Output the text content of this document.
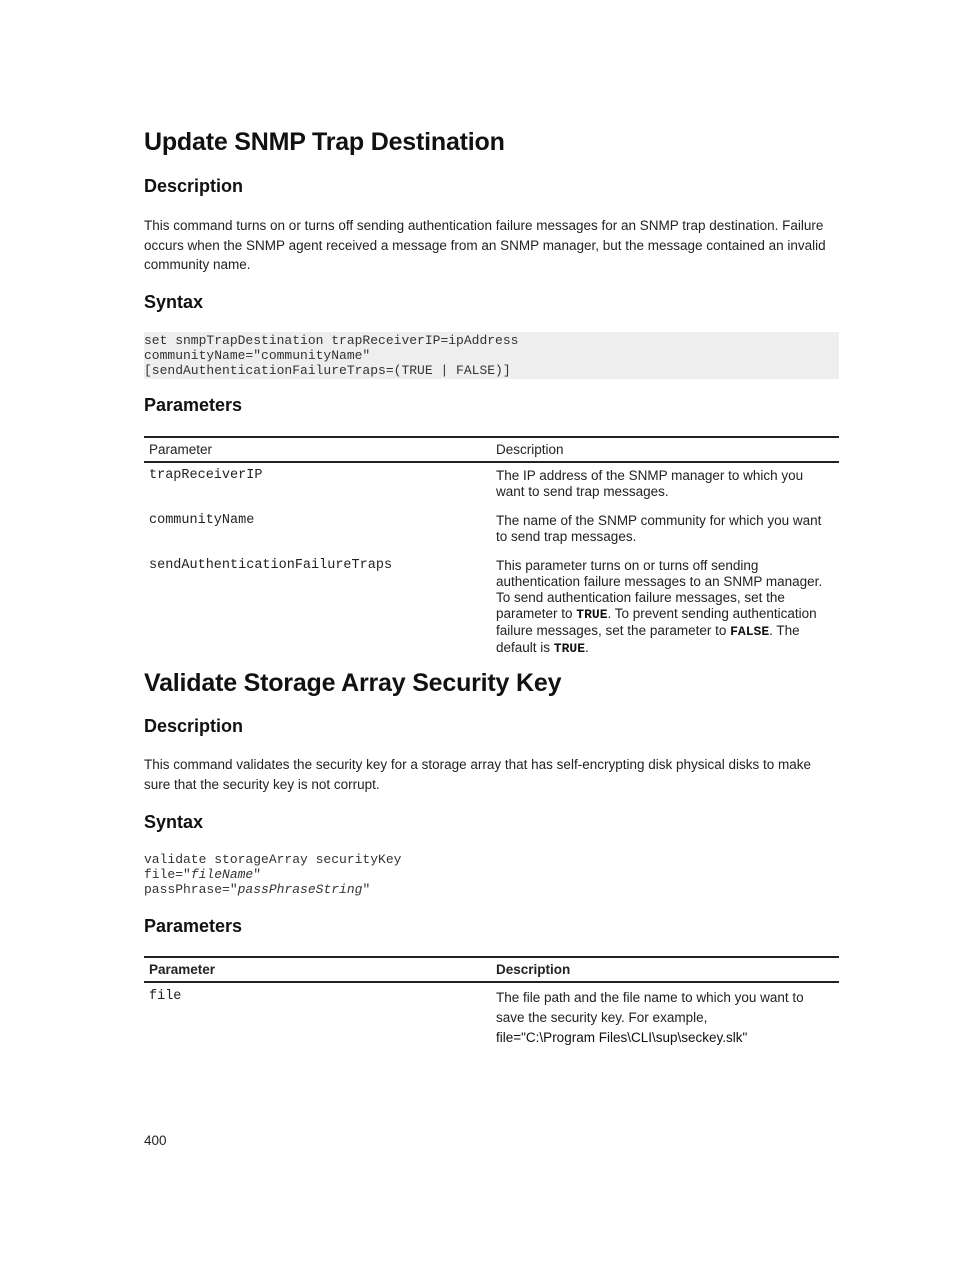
Update SNMP Trap Destination
Description

This command turns on or turns off sending authentication failure messages for an SNMP trap destination. Failure occurs when the SNMP agent received a message from an SNMP manager, but the message contained an invalid community name.

Syntax
set snmpTrapDestination trapReceiverIP=ipAddress
communityName="communityName"
[sendAuthenticationFailureTraps=(TRUE | FALSE)]
Parameters
Parameter	Description
trapReceiverIP	The IP address of the SNMP manager to which you want to send trap messages.
communityName	The name of the SNMP community for which you want to send trap messages.
sendAuthenticationFailureTraps	This parameter turns on or turns off sending authentication failure messages to an SNMP manager. To send authentication failure messages, set the parameter to TRUE. To prevent sending authentication failure messages, set the parameter to FALSE. The default is TRUE.
Validate Storage Array Security Key
Description

This command validates the security key for a storage array that has self-encrypting disk physical disks to make sure that the security key is not corrupt.

Syntax
validate storageArray securityKey
file="fileName"
passPhrase="passPhraseString"
Parameters
Parameter	Description
file	The file path and the file name to which you want to save the security key. For example,
file="C:\Program Files\CLI\sup\seckey.slk"
400
